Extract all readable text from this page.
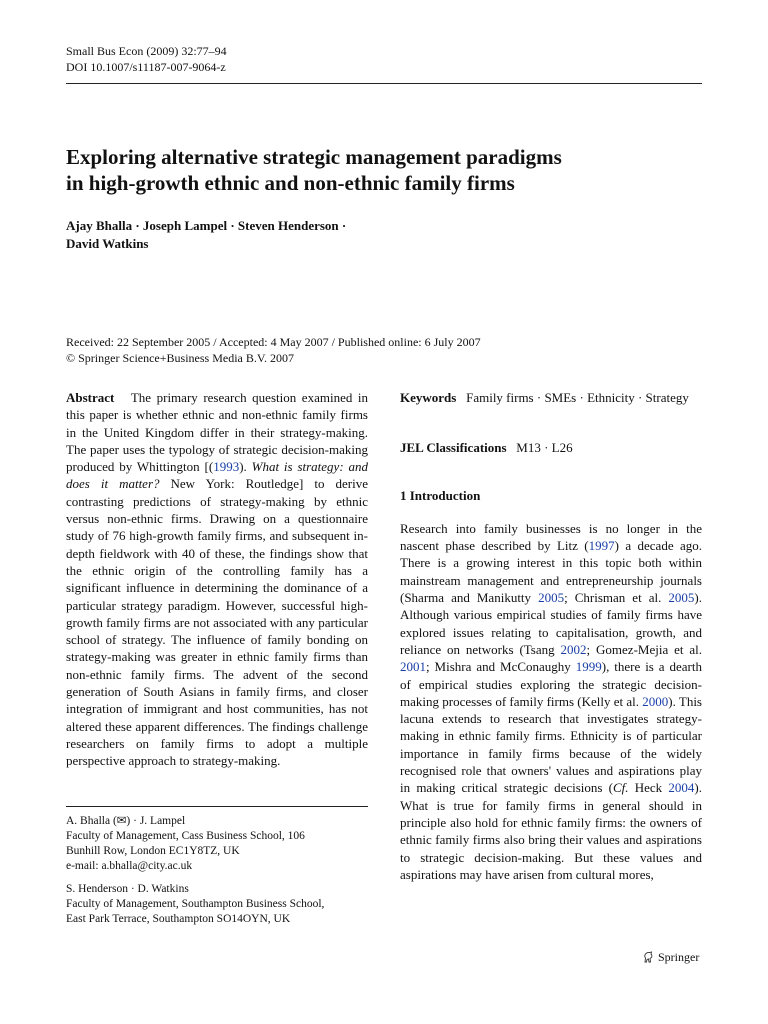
Small Bus Econ (2009) 32:77–94
DOI 10.1007/s11187-007-9064-z
Exploring alternative strategic management paradigms
in high-growth ethnic and non-ethnic family firms
Ajay Bhalla · Joseph Lampel · Steven Henderson ·
David Watkins
Received: 22 September 2005 / Accepted: 4 May 2007 / Published online: 6 July 2007
© Springer Science+Business Media B.V. 2007

Abstract The primary research question examined in this paper is whether ethnic and non-ethnic family firms in the United Kingdom differ in their strategy-making. The paper uses the typology of strategic decision-making produced by Whittington [(1993). What is strategy: and does it matter? New York: Routledge] to derive contrasting predictions of strategy-making by ethnic versus non-ethnic firms. Drawing on a questionnaire study of 76 high-growth family firms, and subsequent in-depth fieldwork with 40 of these, the findings show that the ethnic origin of the controlling family has a significant influence in determining the dominance of a particular strategy paradigm. However, successful high-growth family firms are not associated with any particular school of strategy. The influence of family bonding on strategy-making was greater in ethnic family firms than non-ethnic family firms. The advent of the second generation of South Asians in family firms, and closer integration of immigrant and host communities, has not altered these apparent differences. The findings challenge researchers on family firms to adopt a multiple perspective approach to strategy-making.

A. Bhalla (✉) · J. Lampel
Faculty of Management, Cass Business School, 106
Bunhill Row, London EC1Y8TZ, UK
e-mail: a.bhalla@city.ac.uk
S. Henderson · D. Watkins
Faculty of Management, Southampton Business School,
East Park Terrace, Southampton SO14OYN, UK

Keywords Family firms · SMEs · Ethnicity · Strategy

JEL Classifications M13 · L26

1 Introduction

Research into family businesses is no longer in the nascent phase described by Litz (1997) a decade ago. There is a growing interest in this topic both within mainstream management and entrepreneurship journals (Sharma and Manikutty 2005; Chrisman et al. 2005). Although various empirical studies of family firms have explored issues relating to capitalisation, growth, and reliance on networks (Tsang 2002; Gomez-Mejia et al. 2001; Mishra and McConaughy 1999), there is a dearth of empirical studies exploring the strategic decision-making processes of family firms (Kelly et al. 2000). This lacuna extends to research that investigates strategy-making in ethnic family firms. Ethnicity is of particular importance in family firms because of the widely recognised role that owners' values and aspirations play in making critical strategic decisions (Cf. Heck 2004). What is true for family firms in general should in principle also hold for ethnic family firms: the owners of ethnic family firms also bring their values and aspirations to strategic decision-making. But these values and aspirations may have arisen from cultural mores,

Springer
